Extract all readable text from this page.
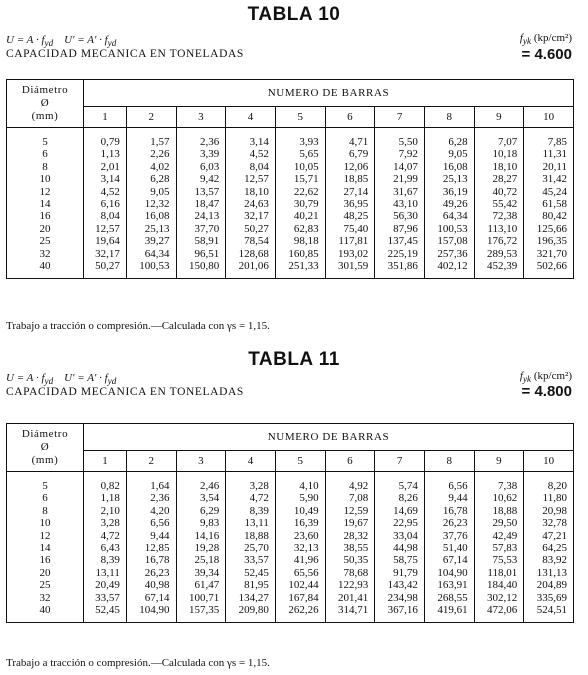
TABLA 10
$U = A \cdot f_{yd}$ $U' = A' \cdot f_{yd}$
CAPACIDAD MECANICA EN TONELADAS
$f_{yk}$ (kp/cm²)
= 4.600
Diámetro
Ø
(mm)	NUMERO DE BARRAS									
	1	2	3	4	5	6	7	8	9	10
5	0,79	1,57	2,36	3,14	3,93	4,71	5,50	6,28	7,07	7,85
6	1,13	2,26	3,39	4,52	5,65	6,79	7,92	9,05	10,18	11,31
8	2,01	4,02	6,03	8,04	10,05	12,06	14,07	16,08	18,10	20,11
10	3,14	6,28	9,42	12,57	15,71	18,85	21,99	25,13	28,27	31,42
12	4,52	9,05	13,57	18,10	22,62	27,14	31,67	36,19	40,72	45,24
14	6,16	12,32	18,47	24,63	30,79	36,95	43,10	49,26	55,42	61,58
16	8,04	16,08	24,13	32,17	40,21	48,25	56,30	64,34	72,38	80,42
20	12,57	25,13	37,70	50,27	62,83	75,40	87,96	100,53	113,10	125,66
25	19,64	39,27	58,91	78,54	98,18	117,81	137,45	157,08	176,72	196,35
32	32,17	64,34	96,51	128,68	160,85	193,02	225,19	257,36	289,53	321,70
40	50,27	100,53	150,80	201,06	251,33	301,59	351,86	402,12	452,39	502,66
Trabajo a tracción o compresión.—Calculada con γs = 1,15.
TABLA 11
$U = A \cdot f_{yd}$ $U' = A' \cdot f_{yd}$
CAPACIDAD MECANICA EN TONELADAS
$f_{yk}$ (kp/cm²)
= 4.800
Diámetro
Ø
(mm)	NUMERO DE BARRAS									
	1	2	3	4	5	6	7	8	9	10
5	0,82	1,64	2,46	3,28	4,10	4,92	5,74	6,56	7,38	8,20
6	1,18	2,36	3,54	4,72	5,90	7,08	8,26	9,44	10,62	11,80
8	2,10	4,20	6,29	8,39	10,49	12,59	14,69	16,78	18,88	20,98
10	3,28	6,56	9,83	13,11	16,39	19,67	22,95	26,23	29,50	32,78
12	4,72	9,44	14,16	18,88	23,60	28,32	33,04	37,76	42,49	47,21
14	6,43	12,85	19,28	25,70	32,13	38,55	44,98	51,40	57,83	64,25
16	8,39	16,78	25,18	33,57	41,96	50,35	58,75	67,14	75,53	83,92
20	13,11	26,23	39,34	52,45	65,56	78,68	91,79	104,90	118,01	131,13
25	20,49	40,98	61,47	81,95	102,44	122,93	143,42	163,91	184,40	204,89
32	33,57	67,14	100,71	134,27	167,84	201,41	234,98	268,55	302,12	335,69
40	52,45	104,90	157,35	209,80	262,26	314,71	367,16	419,61	472,06	524,51
Trabajo a tracción o compresión.—Calculada con γs = 1,15.
